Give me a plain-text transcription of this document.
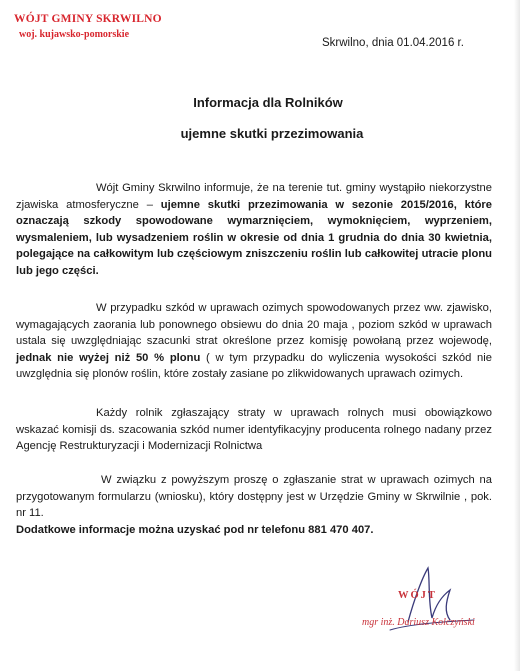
WÓJT GMINY SKRWILNO
woj. kujawsko-pomorskie
Skrwilno, dnia 01.04.2016 r.
Informacja dla Rolników
ujemne skutki przezimowania
Wójt Gminy Skrwilno informuje, że na terenie tut. gminy wystąpiło niekorzystne zjawiska atmosferyczne – ujemne skutki przezimowania w sezonie 2015/2016, które oznaczają szkody spowodowane wymarznięciem, wymoknięciem, wyprzeniem, wysmaleniem, lub wysadzeniem roślin w okresie od dnia 1 grudnia do dnia 30 kwietnia, polegające na całkowitym lub częściowym zniszczeniu roślin lub całkowitej utracie plonu lub jego części.
W przypadku szkód w uprawach ozimych spowodowanych przez ww. zjawisko, wymagających zaorania lub ponownego obsiewu do dnia 20 maja , poziom szkód w uprawach ustala się uwzględniając szacunki strat określone przez komisję powołaną przez wojewodę, jednak nie wyżej niż 50 % plonu ( w tym przypadku do wyliczenia wysokości szkód nie uwzględnia się plonów roślin, które zostały zasiane po zlikwidowanych uprawach ozimych.
Każdy rolnik zgłaszający straty w uprawach rolnych musi obowiązkowo wskazać komisji ds. szacowania szkód numer identyfikacyjny producenta rolnego nadany przez Agencję Restrukturyzacji i Modernizacji Rolnictwa
W związku z powyższym proszę o zgłaszanie strat w uprawach ozimych na przygotowanym formularzu (wniosku), który dostępny jest w Urzędzie Gminy w Skrwilnie , pok. nr 11.
Dodatkowe informacje można uzyskać pod nr telefonu 881 470 407.
WÓJT
mgr inż. Dariusz Kolczyński
